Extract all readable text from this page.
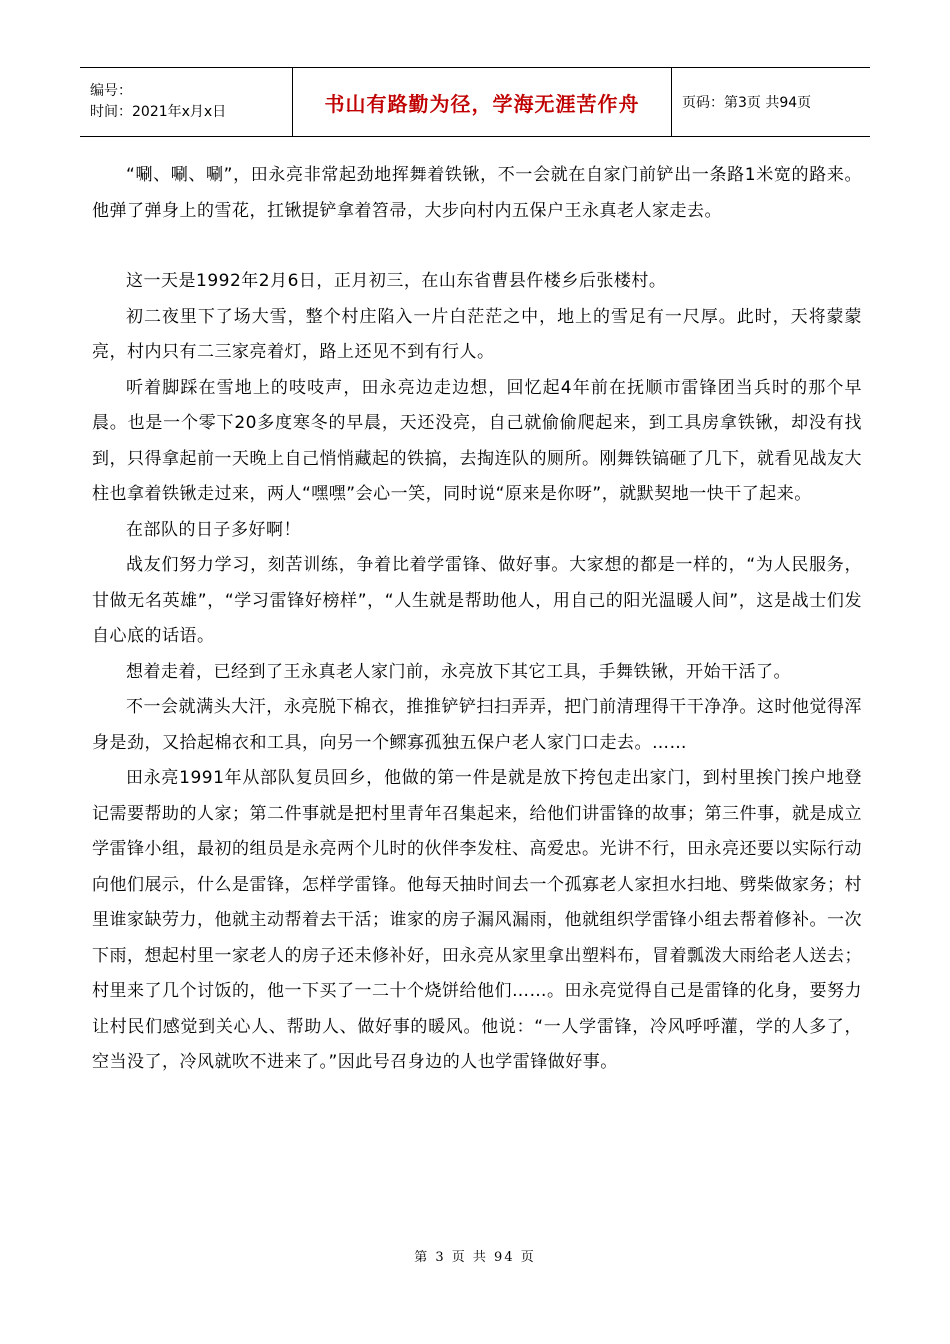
编号：
时间：2021年x月x日	书山有路勤为径，学海无涯苦作舟	页码：第3页 共94页

“唰、唰、唰”，田永亮非常起劲地挥舞着铁锹，不一会就在自家门前铲出一条路1米宽的路来。他弹了弹身上的雪花，扛锹提铲拿着笤帚，大步向村内五保户王永真老人家走去。

这一天是1992年2月6日，正月初三，在山东省曹县仵楼乡后张楼村。

初二夜里下了场大雪，整个村庄陷入一片白茫茫之中，地上的雪足有一尺厚。此时，天将蒙蒙亮，村内只有二三家亮着灯，路上还见不到有行人。

听着脚踩在雪地上的吱吱声，田永亮边走边想，回忆起4年前在抚顺市雷锋团当兵时的那个早晨。也是一个零下20多度寒冬的早晨，天还没亮，自己就偷偷爬起来，到工具房拿铁锹，却没有找到，只得拿起前一天晚上自己悄悄藏起的铁搞，去掏连队的厕所。刚舞铁镐砸了几下，就看见战友大柱也拿着铁锹走过来，两人“嘿嘿”会心一笑，同时说“原来是你呀”，就默契地一快干了起来。

在部队的日子多好啊！

战友们努力学习，刻苦训练，争着比着学雷锋、做好事。大家想的都是一样的，“为人民服务，甘做无名英雄”，“学习雷锋好榜样”，“人生就是帮助他人，用自己的阳光温暖人间”，这是战士们发自心底的话语。

想着走着，已经到了王永真老人家门前，永亮放下其它工具，手舞铁锹，开始干活了。

不一会就满头大汗，永亮脱下棉衣，推推铲铲扫扫弄弄，把门前清理得干干净净。这时他觉得浑身是劲，又拾起棉衣和工具，向另一个鳏寡孤独五保户老人家门口走去。……

田永亮1991年从部队复员回乡，他做的第一件是就是放下挎包走出家门，到村里挨门挨户地登记需要帮助的人家；第二件事就是把村里青年召集起来，给他们讲雷锋的故事；第三件事，就是成立学雷锋小组，最初的组员是永亮两个儿时的伙伴李发柱、高爱忠。光讲不行，田永亮还要以实际行动向他们展示，什么是雷锋，怎样学雷锋。他每天抽时间去一个孤寡老人家担水扫地、劈柴做家务；村里谁家缺劳力，他就主动帮着去干活；谁家的房子漏风漏雨，他就组织学雷锋小组去帮着修补。一次下雨，想起村里一家老人的房子还未修补好，田永亮从家里拿出塑料布，冒着瓢泼大雨给老人送去；村里来了几个讨饭的，他一下买了一二十个烧饼给他们……。田永亮觉得自己是雷锋的化身，要努力让村民们感觉到关心人、帮助人、做好事的暖风。他说：“一人学雷锋，冷风呼呼灌，学的人多了，空当没了，冷风就吹不进来了。”因此号召身边的人也学雷锋做好事。

第 3 页 共 94 页
